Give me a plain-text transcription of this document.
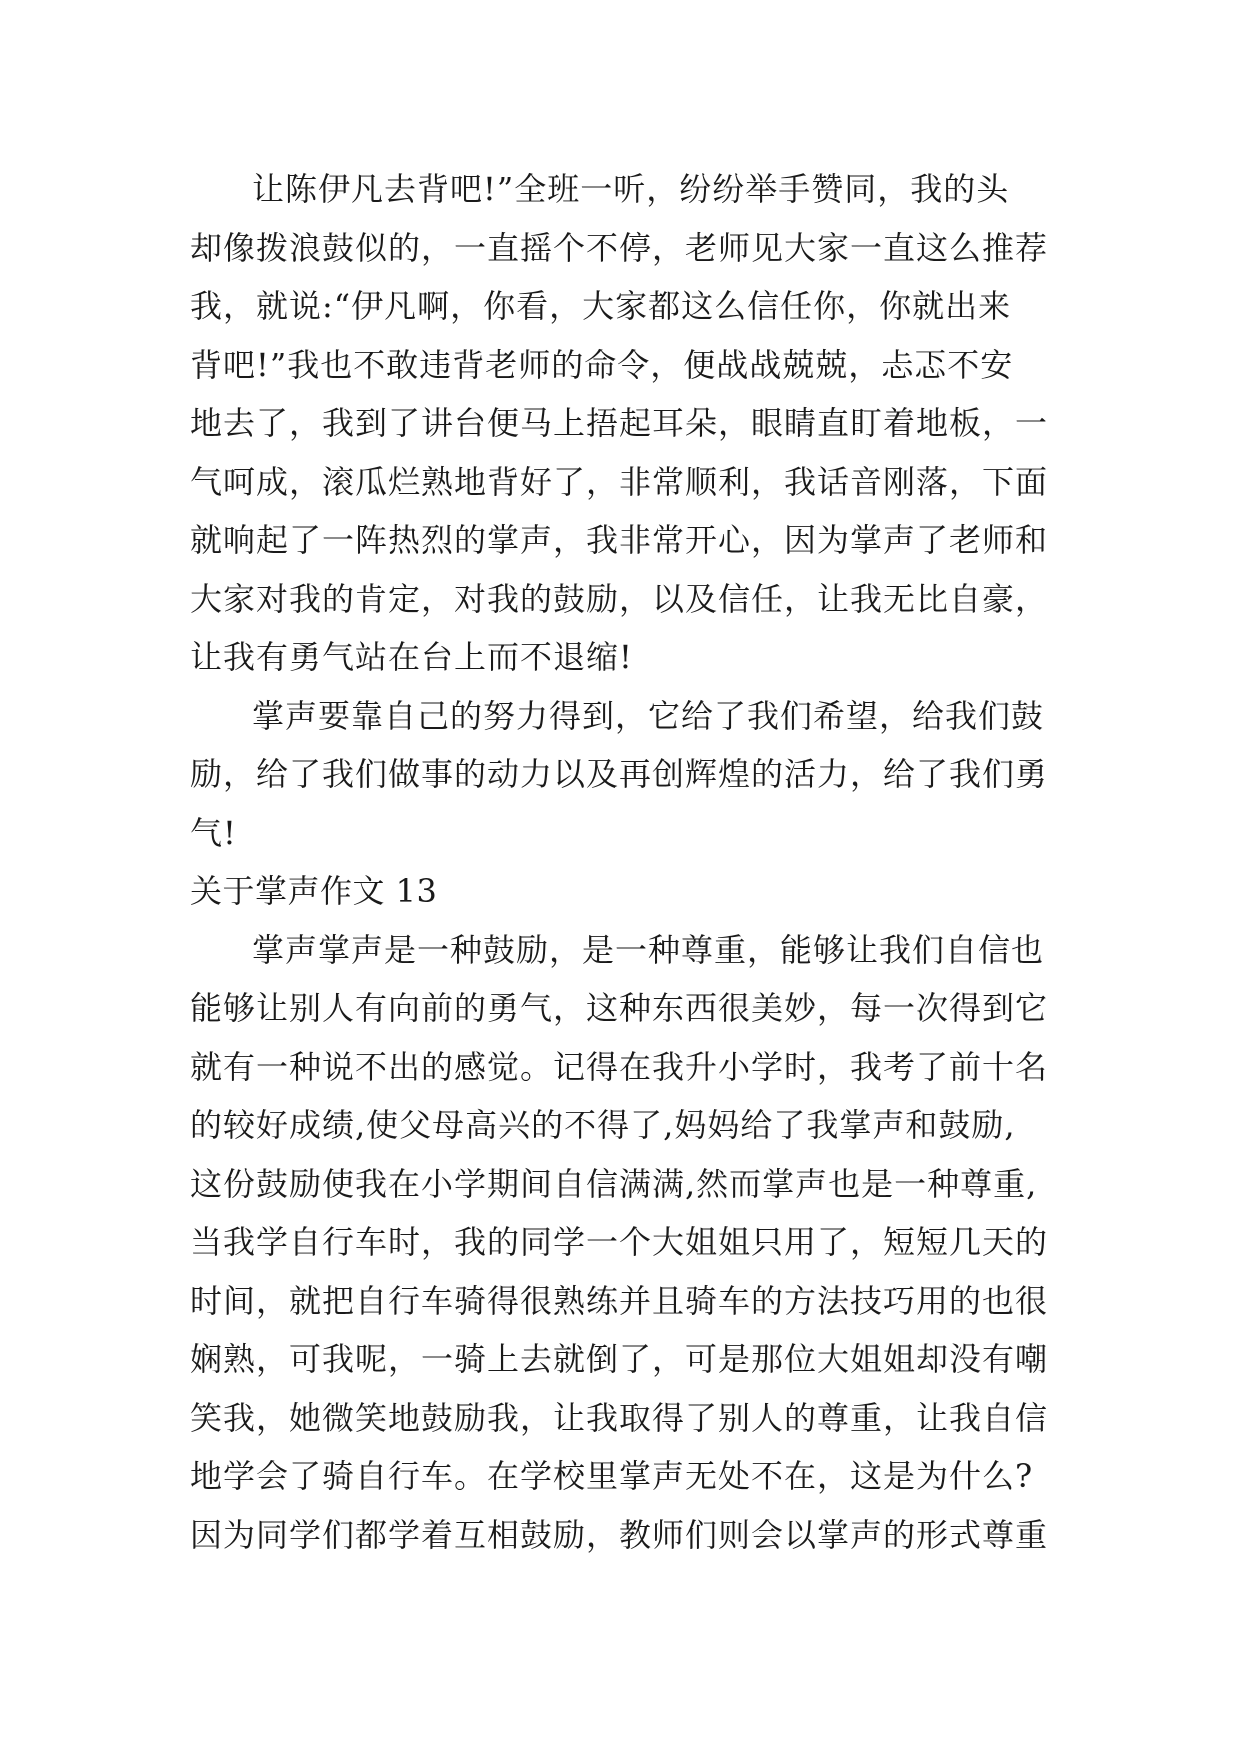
让陈伊凡去背吧!”全班一听，纷纷举手赞同，我的头
却像拨浪鼓似的，一直摇个不停，老师见大家一直这么推荐
我，就说:“伊凡啊，你看，大家都这么信任你，你就出来
背吧!”我也不敢违背老师的命令，便战战兢兢，忐忑不安
地去了，我到了讲台便马上捂起耳朵，眼睛直盯着地板，一
气呵成，滚瓜烂熟地背好了，非常顺利，我话音刚落，下面
就响起了一阵热烈的掌声，我非常开心，因为掌声了老师和
大家对我的肯定，对我的鼓励，以及信任，让我无比自豪，
让我有勇气站在台上而不退缩!
掌声要靠自己的努力得到，它给了我们希望，给我们鼓
励，给了我们做事的动力以及再创辉煌的活力，给了我们勇
气!
关于掌声作文 13
掌声掌声是一种鼓励，是一种尊重，能够让我们自信也
能够让别人有向前的勇气，这种东西很美妙，每一次得到它
就有一种说不出的感觉。记得在我升小学时，我考了前十名
的较好成绩,使父母高兴的不得了,妈妈给了我掌声和鼓励,
这份鼓励使我在小学期间自信满满,然而掌声也是一种尊重,
当我学自行车时，我的同学一个大姐姐只用了，短短几天的
时间，就把自行车骑得很熟练并且骑车的方法技巧用的也很
娴熟，可我呢，一骑上去就倒了，可是那位大姐姐却没有嘲
笑我，她微笑地鼓励我，让我取得了别人的尊重，让我自信
地学会了骑自行车。在学校里掌声无处不在，这是为什么?
因为同学们都学着互相鼓励，教师们则会以掌声的形式尊重
